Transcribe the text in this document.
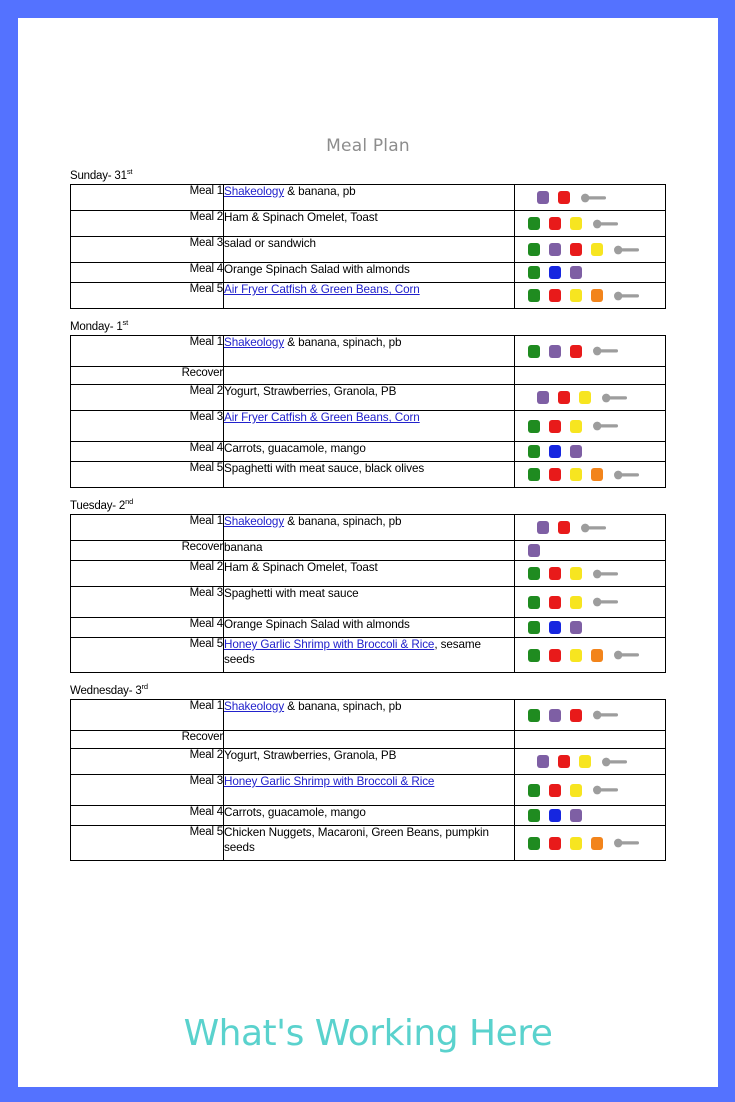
Meal Plan
Sunday- 31st
Meal 1	Shakeology & banana, pb	

Meal 2	Ham & Spinach Omelet, Toast	

Meal 3	salad or sandwich	

Meal 4	Orange Spinach Salad with almonds	

Meal 5	Air Fryer Catfish & Green Beans, Corn	
Monday- 1st
Meal 1	Shakeology & banana, spinach, pb	

Recover		

Meal 2	Yogurt, Strawberries, Granola, PB	

Meal 3	Air Fryer Catfish & Green Beans, Corn	

Meal 4	Carrots, guacamole, mango	

Meal 5	Spaghetti with meat sauce, black olives	
Tuesday- 2nd
Meal 1	Shakeology & banana, spinach, pb	

Recover	banana	

Meal 2	Ham & Spinach Omelet, Toast	

Meal 3	Spaghetti with meat sauce	

Meal 4	Orange Spinach Salad with almonds	

Meal 5	Honey Garlic Shrimp with Broccoli & Rice, sesame seeds	
Wednesday- 3rd
Meal 1	Shakeology & banana, spinach, pb	

Recover		

Meal 2	Yogurt, Strawberries, Granola, PB	

Meal 3	Honey Garlic Shrimp with Broccoli & Rice	

Meal 4	Carrots, guacamole, mango	

Meal 5	Chicken Nuggets, Macaroni, Green Beans, pumpkin seeds	
What's Working Here
